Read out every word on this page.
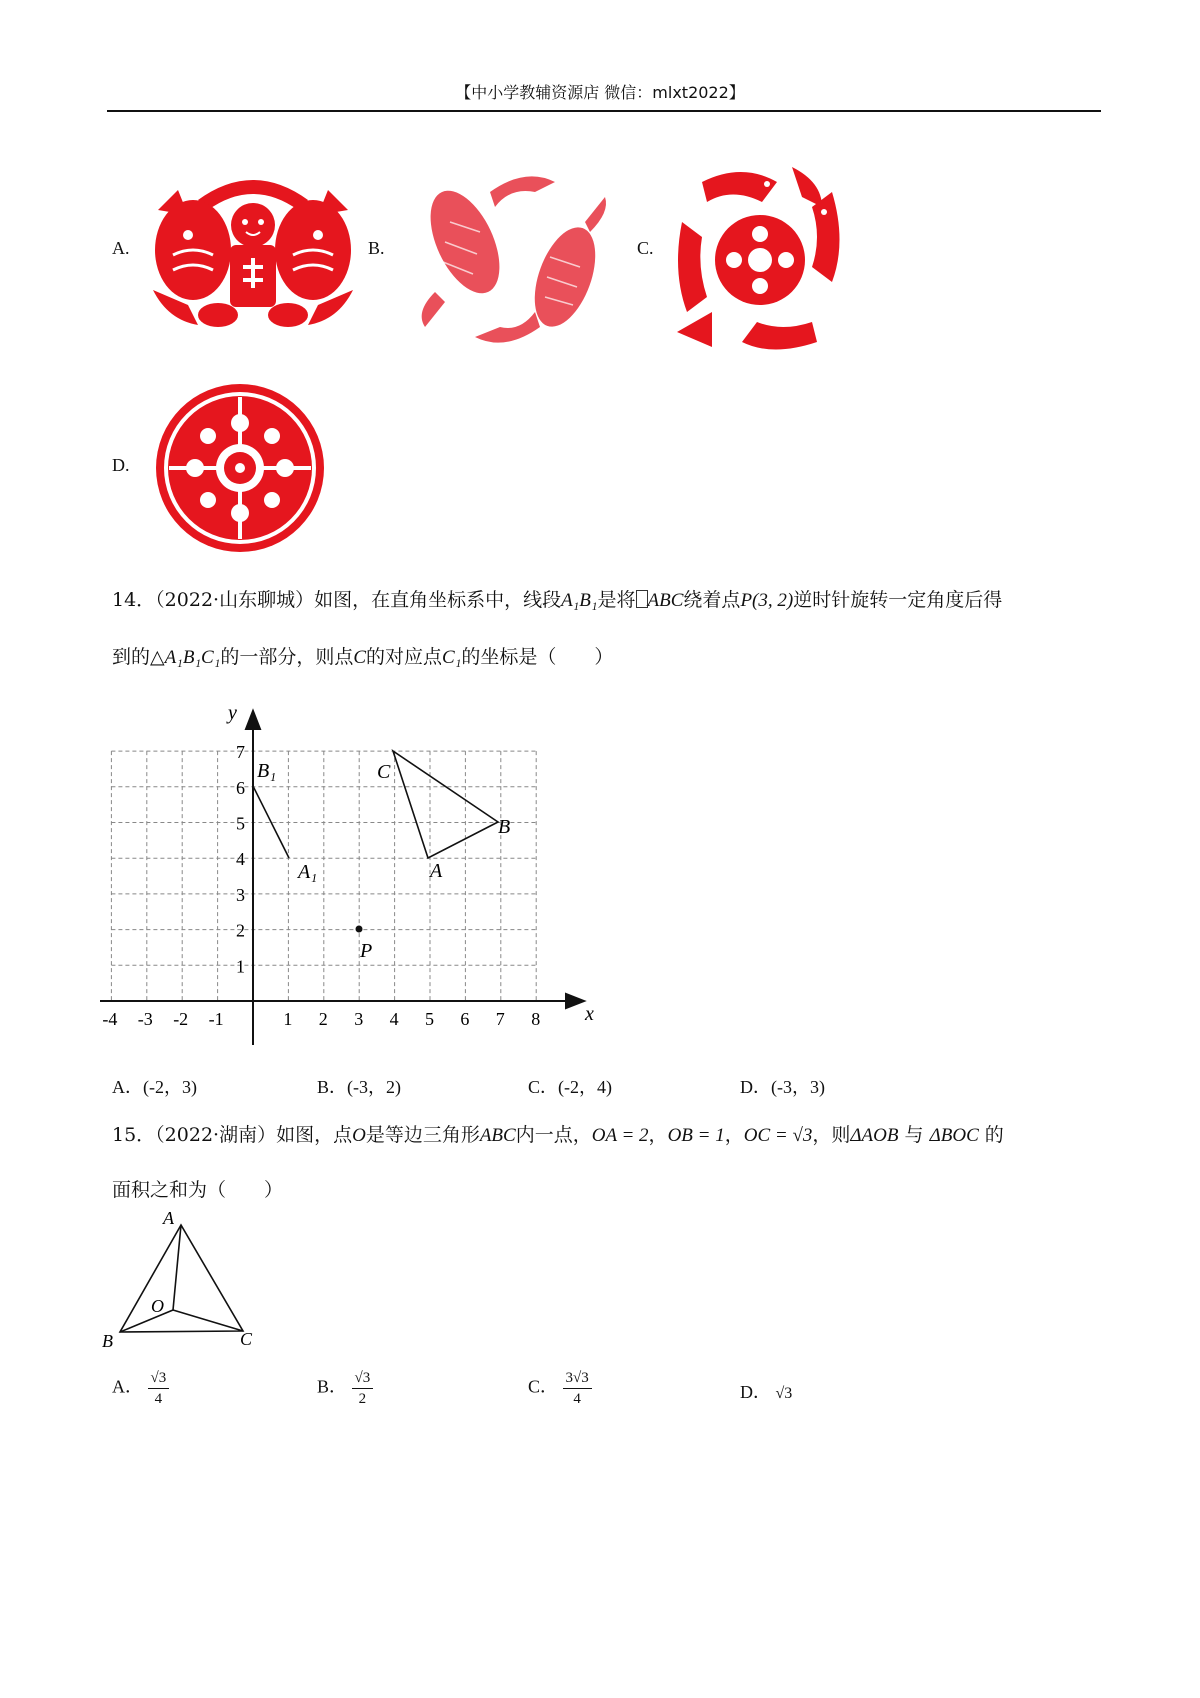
【中小学教辅资源店 微信：mlxt2022】
A.	B.	C.
D.
14．（2022·山东聊城）如图，在直角坐标系中，线段A₁B₁是将 ABC绕着点P(3, 2)逆时针旋转一定角度后得
到的△A₁B₁C₁的一部分，则点C的对应点C₁的坐标是（　　）
x
y
-4 -3 -2 -1	1 2 3 4 5 6 7 8
1
2
3
4
5
6
7
C
B
A
P
A₁
B₁
A．(-2，3)	B．(-3，2)	C．(-2，4)	D．(-3，3)
15．（2022·湖南）如图，点O是等边三角形ABC内一点，OA = 2，OB = 1，OC = √3，则ΔAOB 与 ΔBOC 的
面积之和为（　　）
A
B	C
O
A． $\frac{√3}{4}$	B． $\frac{√3}{2}$	C． $\frac{3√3}{4}$	D． √3
